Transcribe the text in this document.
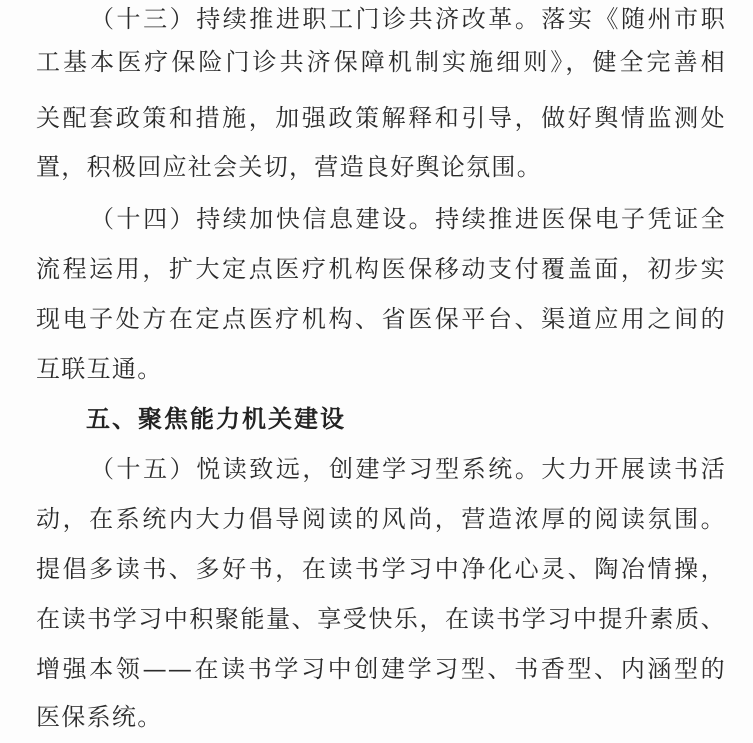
（十三）持续推进职工门诊共济改革。落实《随州市职
工基本医疗保险门诊共济保障机制实施细则》，健全完善相
关配套政策和措施，加强政策解释和引导，做好舆情监测处
置，积极回应社会关切，营造良好舆论氛围。
（十四）持续加快信息建设。持续推进医保电子凭证全
流程运用，扩大定点医疗机构医保移动支付覆盖面，初步实
现电子处方在定点医疗机构、省医保平台、渠道应用之间的
互联互通。
五、聚焦能力机关建设
（十五）悦读致远，创建学习型系统。大力开展读书活
动，在系统内大力倡导阅读的风尚，营造浓厚的阅读氛围。
提倡多读书、多好书，在读书学习中净化心灵、陶冶情操，
在读书学习中积聚能量、享受快乐，在读书学习中提升素质、
增强本领——在读书学习中创建学习型、书香型、内涵型的
医保系统。
